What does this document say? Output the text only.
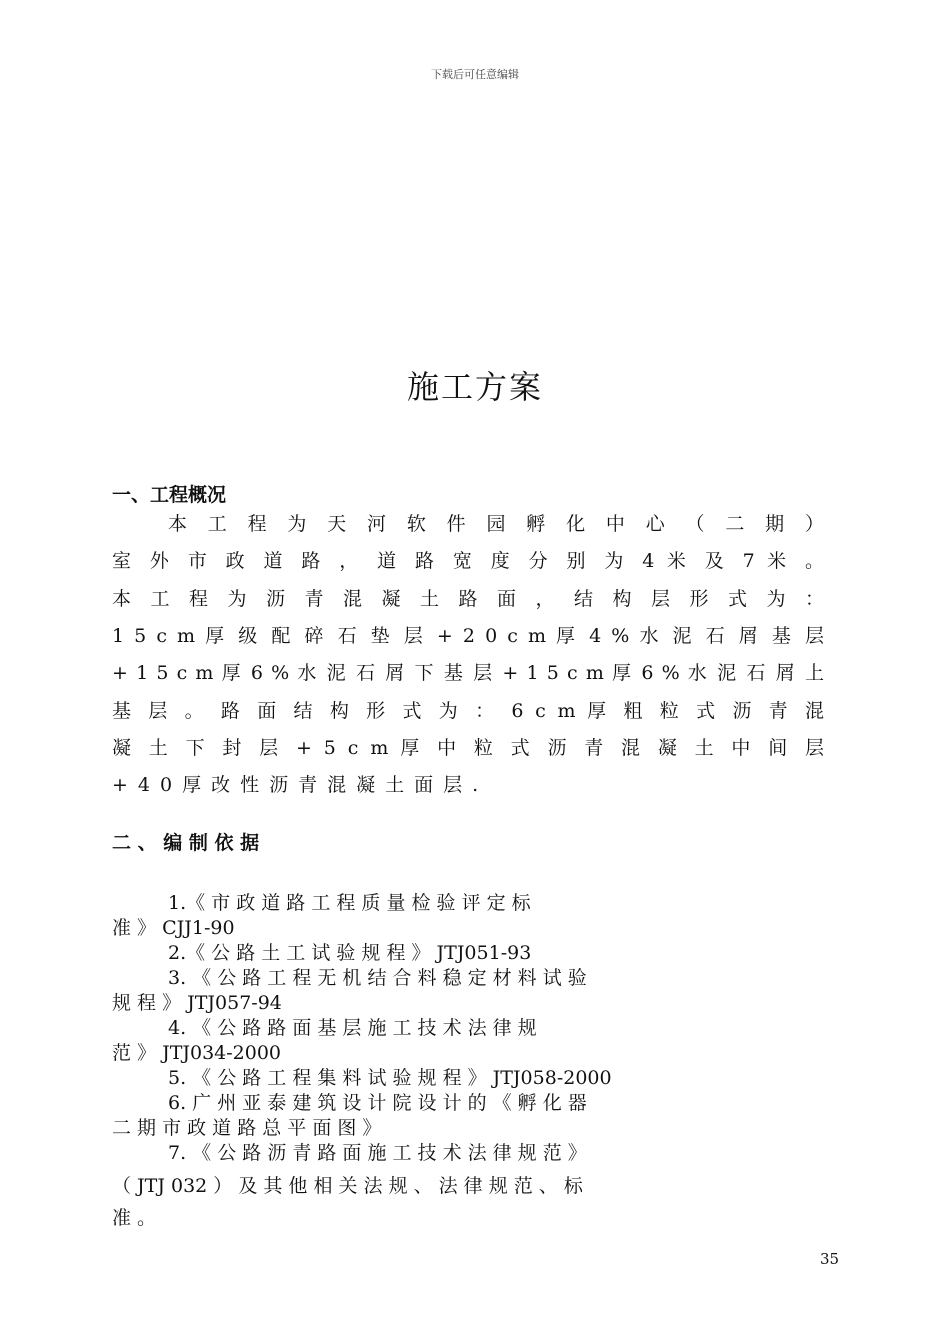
下载后可任意编辑
施工方案
一、工程概况
本 工 程 为 天 河 软 件 园 孵 化 中 心 （ 二 期 ）
室 外 市 政 道 路 ， 道 路 宽 度 分 别 为 4 米 及 7 米 。
本 工 程 为 沥 青 混 凝 土 路 面 ， 结 构 层 形 式 为 ：
1 5 c m 厚 级 配 碎 石 垫 层 + 2 0 c m 厚 4 % 水 泥 石 屑 基 层
+ 1 5 c m 厚 6 % 水 泥 石 屑 下 基 层 + 1 5 c m 厚 6 % 水 泥 石 屑 上
基 层 。 路 面 结 构 形 式 为 ： 6 c m 厚 粗 粒 式 沥 青 混
凝 土 下 封 层 + 5 c m 厚 中 粒 式 沥 青 混 凝 土 中 间 层
+40厚改性沥青混凝土面层.
二 、 编 制 依 据
1.《 市 政 道 路 工 程 质 量 检 验 评 定 标
准 》 CJJ1-90
2.《 公 路 土 工 试 验 规 程 》 JTJ051-93
3. 《 公 路 工 程 无 机 结 合 料 稳 定 材 料 试 验
规 程 》 JTJ057-94
4. 《 公 路 路 面 基 层 施 工 技 术 法 律 规
范 》 JTJ034-2000
5. 《 公 路 工 程 集 料 试 验 规 程 》 JTJ058-2000
6. 广 州 亚 泰 建 筑 设 计 院 设 计 的 《 孵 化 器
二 期 市 政 道 路 总 平 面 图 》
7. 《 公 路 沥 青 路 面 施 工 技 术 法 律 规 范 》
（ JTJ 032 ） 及 其 他 相 关 法 规 、 法 律 规 范 、 标
准 。
35
